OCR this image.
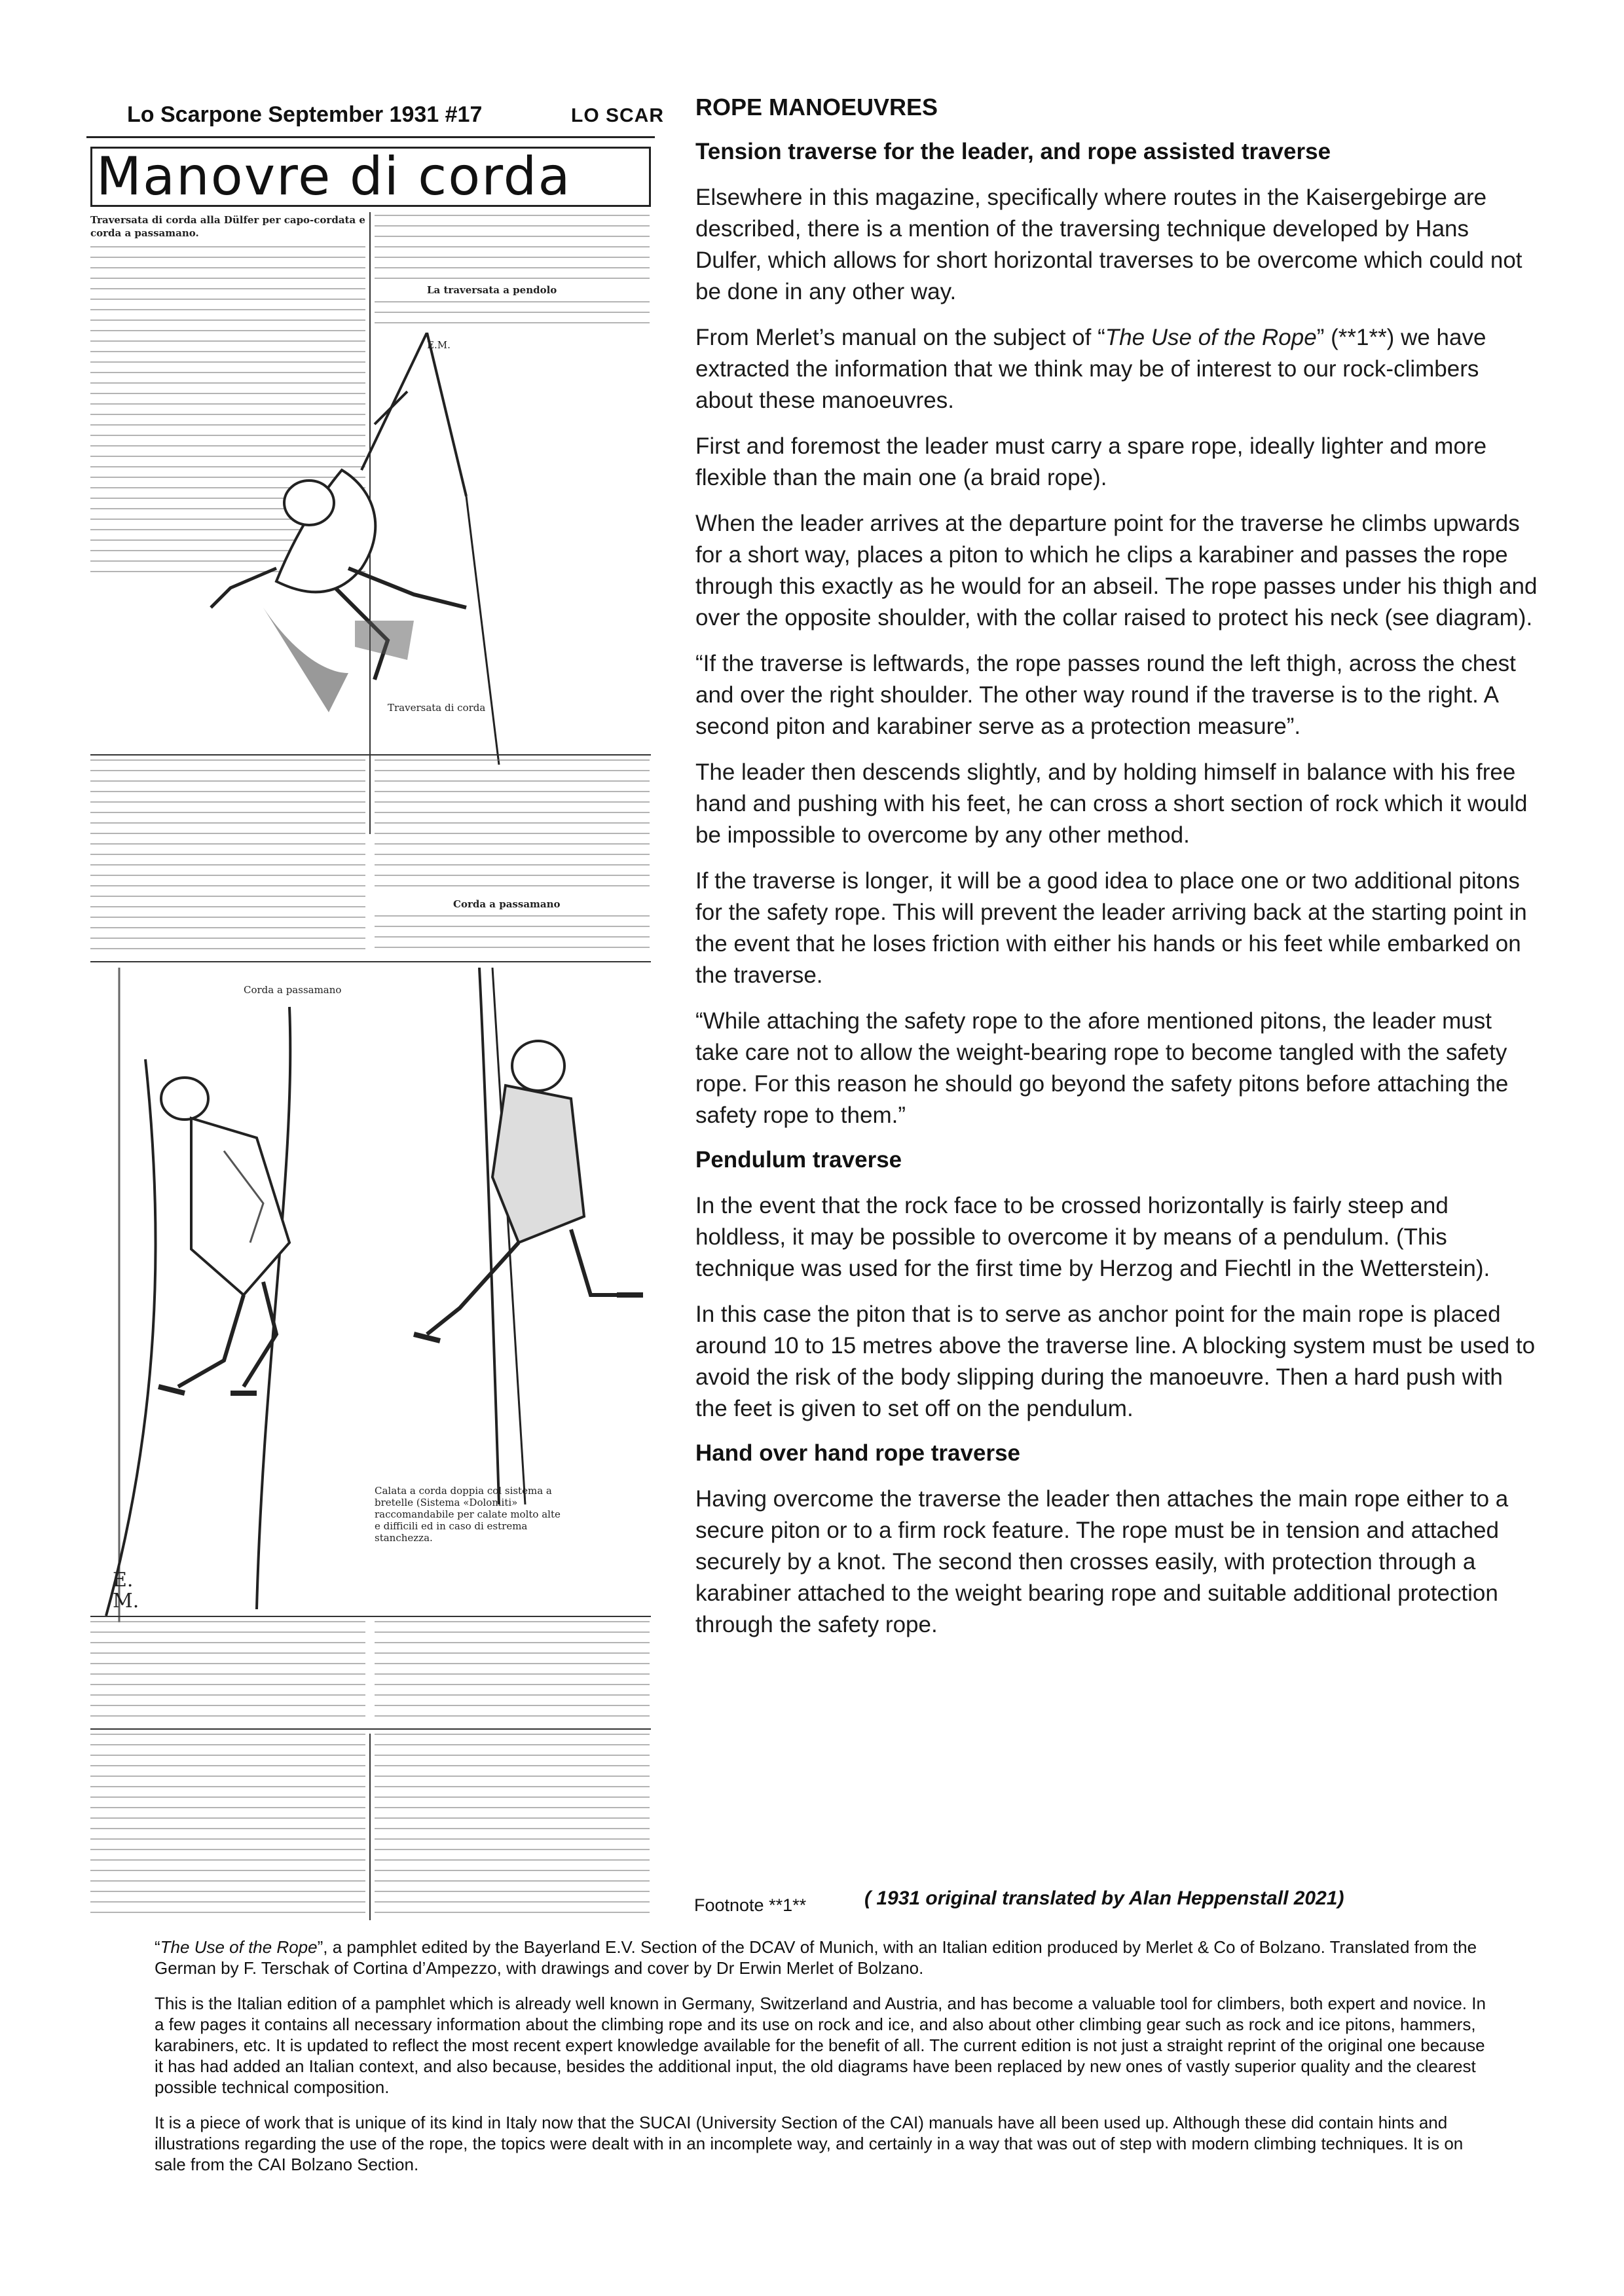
Lo Scarpone September 1931 #17	LO SCAR
Manovre di corda
Traversata di corda alla Dülfer per capo-cordata e corda a passamano.
La traversata a pendolo
E.M.
Traversata di corda
Corda a passamano
Corda a passamano
Calata a corda doppia col sistema a bretelle (Sistema «Dolomiti» raccomandabile per calate molto alte e difficili ed in caso di estrema stanchezza.
E. M.
ROPE MANOEUVRES
Tension traverse for the leader, and rope assisted traverse

Elsewhere in this magazine, specifically where routes in the Kaisergebirge are described, there is a mention of the traversing technique developed by Hans Dulfer, which allows for short horizontal traverses to be overcome which could not be done in any other way.

From Merlet’s manual on the subject of “The Use of the Rope” (**1**) we have extracted the information that we think may be of interest to our rock-climbers about these manoeuvres.

First and foremost the leader must carry a spare rope, ideally lighter and more flexible than the main one (a braid rope).

When the leader arrives at the departure point for the traverse he climbs upwards for a short way, places a piton to which he clips a karabiner and passes the rope through this exactly as he would for an abseil. The rope passes under his thigh and over the opposite shoulder, with the collar raised to protect his neck (see diagram).

“If the traverse is leftwards, the rope passes round the left thigh, across the chest and over the right shoulder. The other way round if the traverse is to the right. A second piton and karabiner serve as a protection measure”.

The leader then descends slightly, and by holding himself in balance with his free hand and pushing with his feet, he can cross a short section of rock which it would be impossible to overcome by any other method.

If the traverse is longer, it will be a good idea to place one or two additional pitons for the safety rope. This will prevent the leader arriving back at the starting point in the event that he loses friction with either his hands or his feet while embarked on the traverse.

“While attaching the safety rope to the afore mentioned pitons, the leader must take care not to allow the weight-bearing rope to become tangled with the safety rope. For this reason he should go beyond the safety pitons before attaching the safety rope to them.”

Pendulum traverse

In the event that the rock face to be crossed horizontally is fairly steep and holdless, it may be possible to overcome it by means of a pendulum. (This technique was used for the first time by Herzog and Fiechtl in the Wetterstein).

In this case the piton that is to serve as anchor point for the main rope is placed around 10 to 15 metres above the traverse line. A blocking system must be used to avoid the risk of the body slipping during the manoeuvre. Then a hard push with the feet is given to set off on the pendulum.

Hand over hand rope traverse

Having overcome the traverse the leader then attaches the main rope either to a secure piton or to a firm rock feature. The rope must be in tension and attached securely by a knot. The second then crosses easily, with protection through a karabiner attached to the weight bearing rope and suitable additional protection through the safety rope.

Footnote **1**	( 1931 original translated by Alan Heppenstall 2021)

“The Use of the Rope”, a pamphlet edited by the Bayerland E.V. Section of the DCAV of Munich, with an Italian edition produced by Merlet & Co of Bolzano. Translated from the German by F. Terschak of Cortina d’Ampezzo, with drawings and cover by Dr Erwin Merlet of Bolzano.

This is the Italian edition of a pamphlet which is already well known in Germany, Switzerland and Austria, and has become a valuable tool for climbers, both expert and novice. In a few pages it contains all necessary information about the climbing rope and its use on rock and ice, and also about other climbing gear such as rock and ice pitons, hammers, karabiners, etc. It is updated to reflect the most recent expert knowledge available for the benefit of all. The current edition is not just a straight reprint of the original one because it has had added an Italian context, and also because, besides the additional input, the old diagrams have been replaced by new ones of vastly superior quality and the clearest possible technical composition.

It is a piece of work that is unique of its kind in Italy now that the SUCAI (University Section of the CAI) manuals have all been used up. Although these did contain hints and illustrations regarding the use of the rope, the topics were dealt with in an incomplete way, and certainly in a way that was out of step with modern climbing techniques. It is on sale from the CAI Bolzano Section.
